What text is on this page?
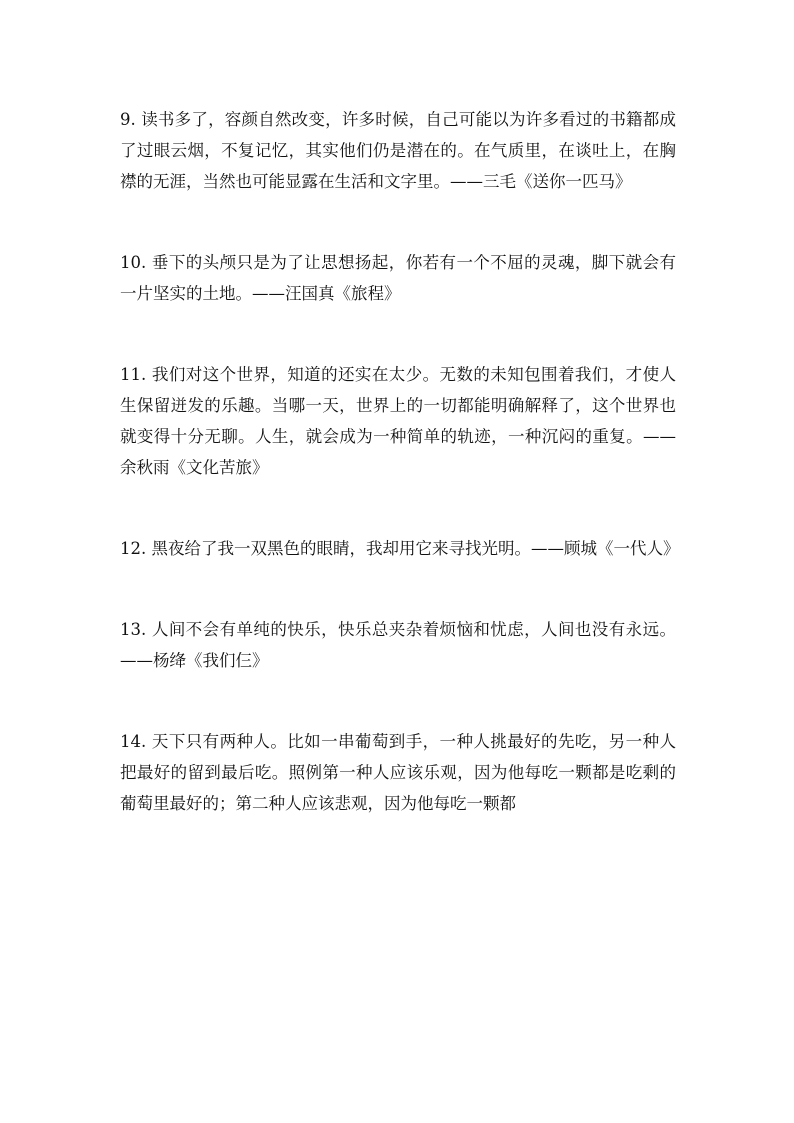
9. 读书多了，容颜自然改变，许多时候，自己可能以为许多看过的书籍都成了过眼云烟，不复记忆，其实他们仍是潜在的。在气质里，在谈吐上，在胸襟的无涯，当然也可能显露在生活和文字里。——三毛《送你一匹马》

10. 垂下的头颅只是为了让思想扬起，你若有一个不屈的灵魂，脚下就会有一片坚实的土地。——汪国真《旅程》

11. 我们对这个世界，知道的还实在太少。无数的未知包围着我们，才使人生保留迸发的乐趣。当哪一天，世界上的一切都能明确解释了，这个世界也就变得十分无聊。人生，就会成为一种简单的轨迹，一种沉闷的重复。——余秋雨《文化苦旅》

12. 黑夜给了我一双黑色的眼睛，我却用它来寻找光明。——顾城《一代人》

13. 人间不会有单纯的快乐，快乐总夹杂着烦恼和忧虑，人间也没有永远。——杨绛《我们仨》

14. 天下只有两种人。比如一串葡萄到手，一种人挑最好的先吃，另一种人把最好的留到最后吃。照例第一种人应该乐观，因为他每吃一颗都是吃剩的葡萄里最好的；第二种人应该悲观，因为他每吃一颗都
